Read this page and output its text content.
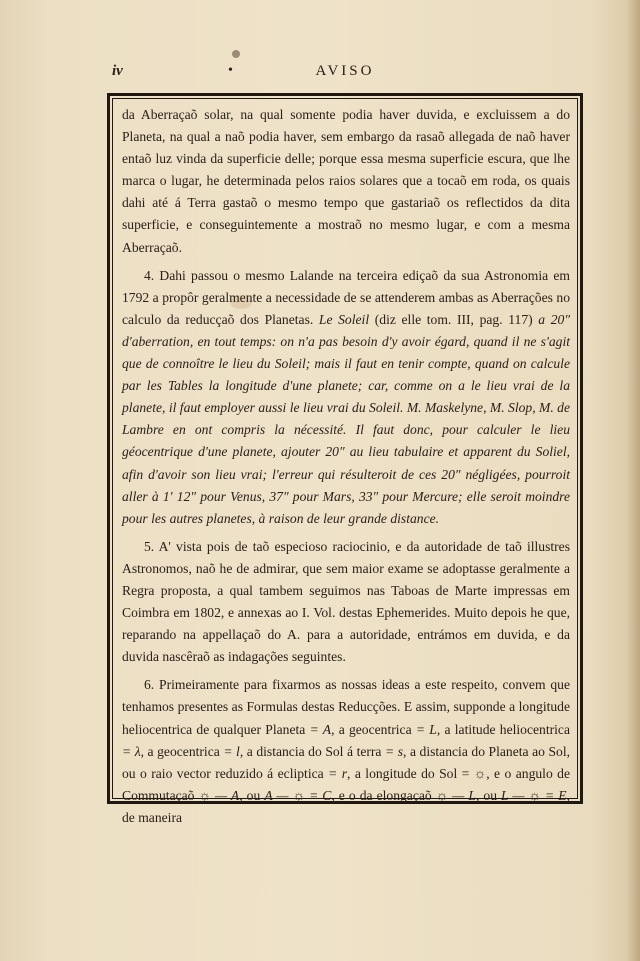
iv	•	AVISO

da Aberraçaõ solar, na qual somente podia haver duvida, e excluissem a do Planeta, na qual a naõ podia haver, sem embargo da rasaõ allegada de naõ haver entaõ luz vinda da superficie delle; porque essa mesma superficie escura, que lhe marca o lugar, he determinada pelos raios solares que a tocaõ em roda, os quais dahi até á Terra gastaõ o mesmo tempo que gastariaõ os reflectidos da dita superficie, e conseguintemente a mostraõ no mesmo lugar, e com a mesma Aberraçaõ.

4. Dahi passou o mesmo Lalande na terceira ediçaõ da sua Astronomia em 1792 a propôr geralmente a necessidade de se attenderem ambas as Aberrações no calculo da reducçaõ dos Planetas. Le Soleil (diz elle tom. III, pag. 117) a 20″ d'aberration, en tout temps: on n'a pas besoin d'y avoir égard, quand il ne s'agit que de connoître le lieu du Soleil; mais il faut en tenir compte, quand on calcule par les Tables la longitude d'une planete; car, comme on a le lieu vrai de la planete, il faut employer aussi le lieu vrai du Soleil. M. Maskelyne, M. Slop, M. de Lambre en ont compris la nécessité. Il faut donc, pour calculer le lieu géocentrique d'une planete, ajouter 20″ au lieu tabulaire et apparent du Soliel, afin d'avoir son lieu vrai; l'erreur qui résulteroit de ces 20″ négligées, pourroit aller à 1′ 12″ pour Venus, 37″ pour Mars, 33″ pour Mercure; elle seroit moindre pour les autres planetes, à raison de leur grande distance.

5. A' vista pois de taõ especioso raciocinio, e da autoridade de taõ illustres Astronomos, naõ he de admirar, que sem maior exame se adoptasse geralmente a Regra proposta, a qual tambem seguimos nas Taboas de Marte impressas em Coimbra em 1802, e annexas ao I. Vol. destas Ephemerides. Muito depois he que, reparando na appellaçaõ do A. para a autoridade, entrámos em duvida, e da duvida nascêraõ as indagações seguintes.

6. Primeiramente para fixarmos as nossas ideas a este respeito, convem que tenhamos presentes as Formulas destas Reducções. E assim, supponde a longitude heliocentrica de qualquer Planeta = A, a geocentrica = L, a latitude heliocentrica = λ, a geocentrica = l, a distancia do Sol á terra = s, a distancia do Planeta ao Sol, ou o raio vector reduzido á ecliptica = r, a longitude do Sol = ☼, e o angulo de Commutaçaõ ☼ — A, ou A — ☼ = C, e o da elongaçaõ ☼ — L, ou L — ☼ = E, de maneira
